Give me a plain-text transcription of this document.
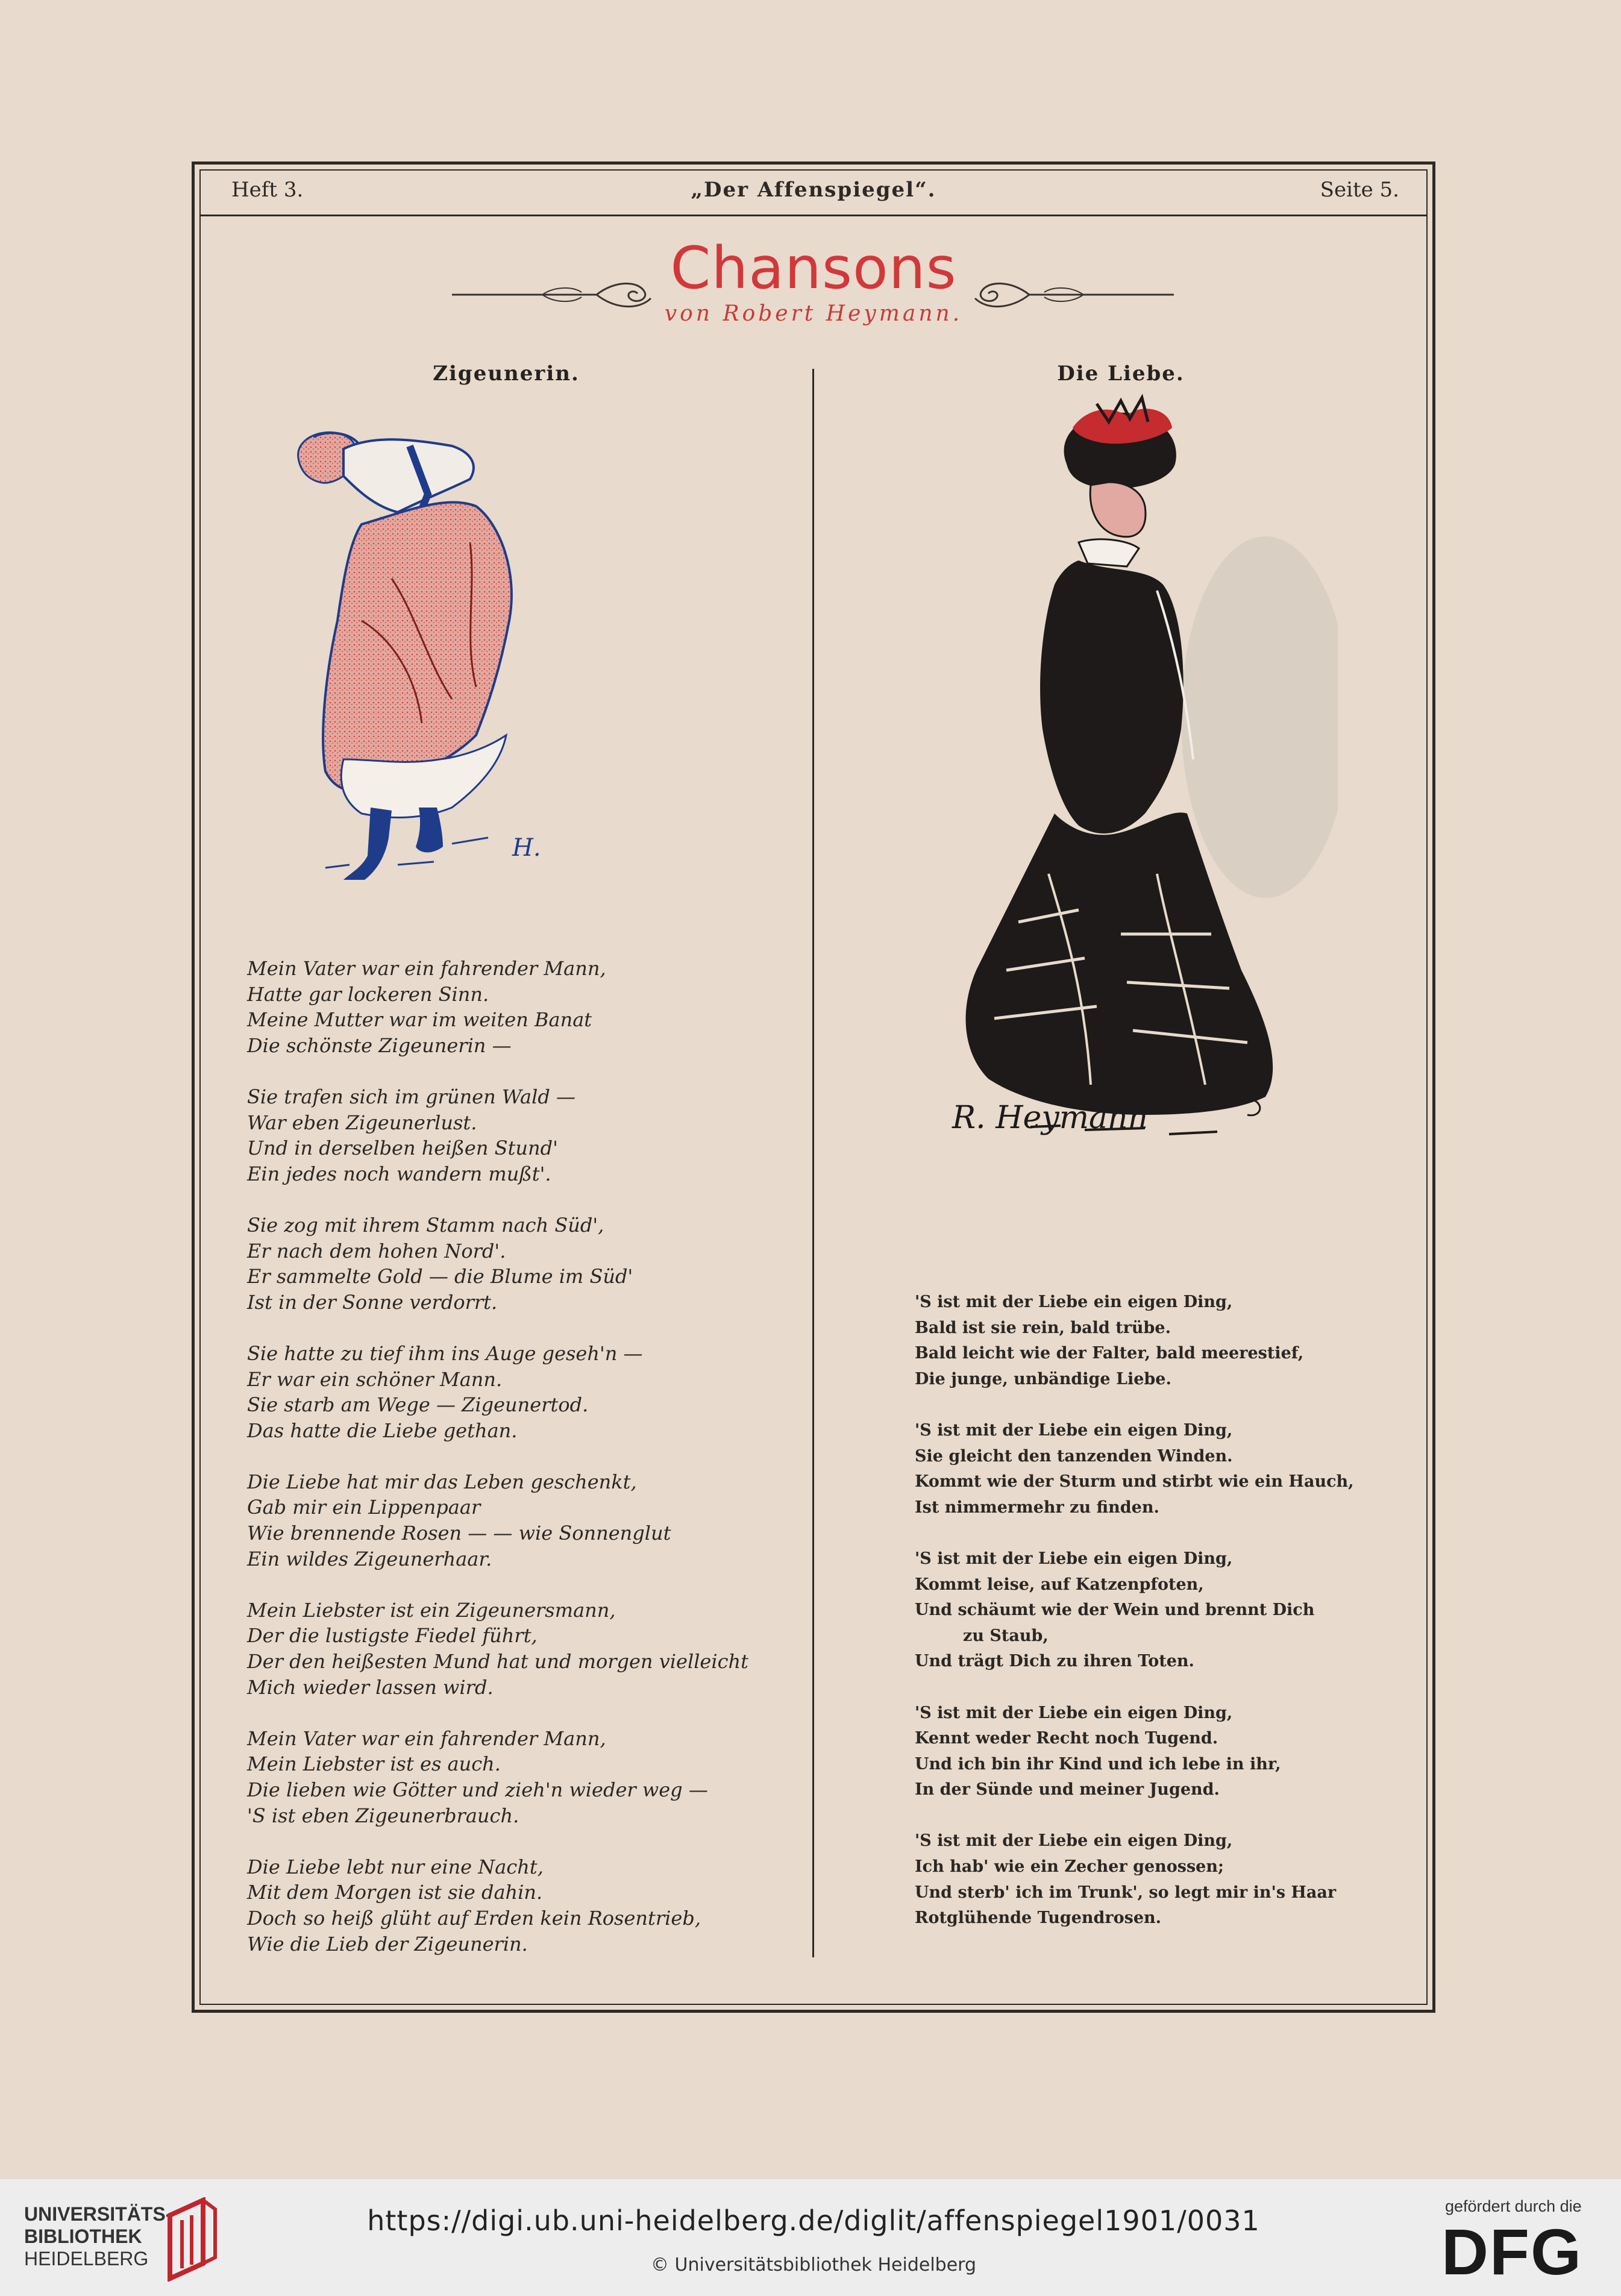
Heft 3.	„Der Affenspiegel“.	Seite 5.
Chansons
von Robert Heymann.
Zigeunerin.	Die Liebe.
H.
R. Heymann
Mein Vater war ein fahrender Mann,
Hatte gar lockeren Sinn.
Meine Mutter war im weiten Banat
Die schönste Zigeunerin —
Sie trafen sich im grünen Wald —
War eben Zigeunerlust.
Und in derselben heißen Stund'
Ein jedes noch wandern mußt'.
Sie zog mit ihrem Stamm nach Süd',
Er nach dem hohen Nord'.
Er sammelte Gold — die Blume im Süd'
Ist in der Sonne verdorrt.
Sie hatte zu tief ihm ins Auge geseh'n —
Er war ein schöner Mann.
Sie starb am Wege — Zigeunertod.
Das hatte die Liebe gethan.
Die Liebe hat mir das Leben geschenkt,
Gab mir ein Lippenpaar
Wie brennende Rosen — — wie Sonnenglut
Ein wildes Zigeunerhaar.
Mein Liebster ist ein Zigeunersmann,
Der die lustigste Fiedel führt,
Der den heißesten Mund hat und morgen vielleicht
Mich wieder lassen wird.
Mein Vater war ein fahrender Mann,
Mein Liebster ist es auch.
Die lieben wie Götter und zieh'n wieder weg —
'S ist eben Zigeunerbrauch.
Die Liebe lebt nur eine Nacht,
Mit dem Morgen ist sie dahin.
Doch so heiß glüht auf Erden kein Rosentrieb,
Wie die Lieb der Zigeunerin.
'S ist mit der Liebe ein eigen Ding,
Bald ist sie rein, bald trübe.
Bald leicht wie der Falter, bald meerestief,
Die junge, unbändige Liebe.
'S ist mit der Liebe ein eigen Ding,
Sie gleicht den tanzenden Winden.
Kommt wie der Sturm und stirbt wie ein Hauch,
Ist nimmermehr zu finden.
'S ist mit der Liebe ein eigen Ding,
Kommt leise, auf Katzenpfoten,
Und schäumt wie der Wein und brennt Dich
zu Staub,
Und trägt Dich zu ihren Toten.
'S ist mit der Liebe ein eigen Ding,
Kennt weder Recht noch Tugend.
Und ich bin ihr Kind und ich lebe in ihr,
In der Sünde und meiner Jugend.
'S ist mit der Liebe ein eigen Ding,
Ich hab' wie ein Zecher genossen;
Und sterb' ich im Trunk', so legt mir in's Haar
Rotglühende Tugendrosen.
UNIVERSITÄTS-
BIBLIOTHEK
HEIDELBERG
https://digi.ub.uni-heidelberg.de/diglit/affenspiegel1901/0031
© Universitätsbibliothek Heidelberg
gefördert durch die
DFG
